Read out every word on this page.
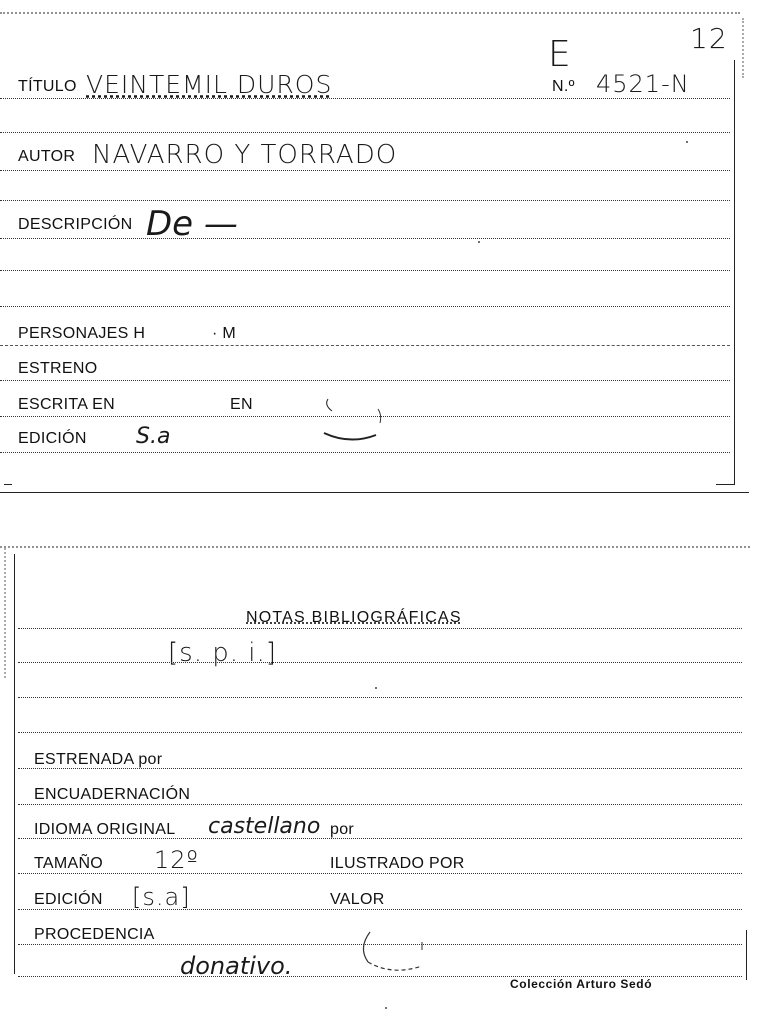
12
TÍTULO VEINTEMIL DUROS
E
N.º 4521-N
AUTOR NAVARRO Y TORRADO
DESCRIPCIÓN De —
PERSONAJES H	· M
ESTRENO
ESCRITA EN	EN
EDICIÓN S.a
NOTAS BIBLIOGRÁFICAS
[s. p. i.]
ESTRENADA por
ENCUADERNACIÓN
IDIOMA ORIGINAL castellano por
TAMAÑO 12º	ILUSTRADO POR
EDICIÓN [s.a]	VALOR
PROCEDENCIA
donativo.
Colección Arturo Sedó
